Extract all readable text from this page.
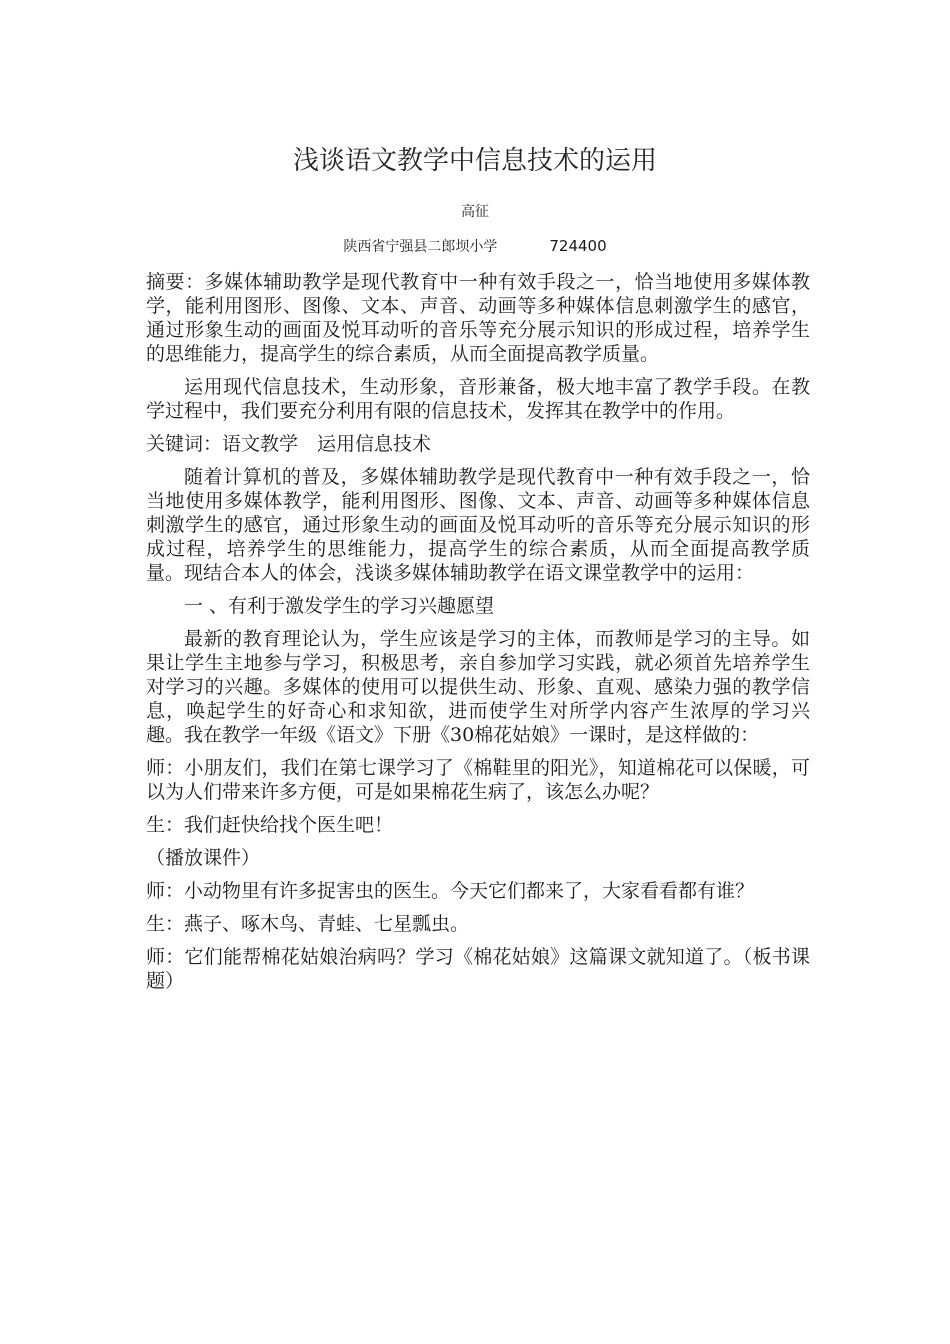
浅谈语文教学中信息技术的运用
高征
陕西省宁强县二郎坝小学	724400

摘要：多媒体辅助教学是现代教育中一种有效手段之一，恰当地使用多媒体教学，能利用图形、图像、文本、声音、动画等多种媒体信息刺激学生的感官，通过形象生动的画面及悦耳动听的音乐等充分展示知识的形成过程，培养学生的思维能力，提高学生的综合素质，从而全面提高教学质量。

运用现代信息技术，生动形象，音形兼备，极大地丰富了教学手段。在教学过程中，我们要充分利用有限的信息技术，发挥其在教学中的作用。

关键词：语文教学　运用信息技术

随着计算机的普及，多媒体辅助教学是现代教育中一种有效手段之一，恰当地使用多媒体教学，能利用图形、图像、文本、声音、动画等多种媒体信息刺激学生的感官，通过形象生动的画面及悦耳动听的音乐等充分展示知识的形成过程，培养学生的思维能力，提高学生的综合素质，从而全面提高教学质量。现结合本人的体会，浅谈多媒体辅助教学在语文课堂教学中的运用：

一 、有利于激发学生的学习兴趣愿望

最新的教育理论认为，学生应该是学习的主体，而教师是学习的主导。如果让学生主地参与学习，积极思考，亲自参加学习实践，就必须首先培养学生对学习的兴趣。多媒体的使用可以提供生动、形象、直观、感染力强的教学信息，唤起学生的好奇心和求知欲，进而使学生对所学内容产生浓厚的学习兴趣。我在教学一年级《语文》下册《30棉花姑娘》一课时，是这样做的：

师：小朋友们，我们在第七课学习了《棉鞋里的阳光》，知道棉花可以保暖，可以为人们带来许多方便，可是如果棉花生病了，该怎么办呢？

生：我们赶快给找个医生吧！

（播放课件）

师：小动物里有许多捉害虫的医生。今天它们都来了，大家看看都有谁？

生：燕子、啄木鸟、青蛙、七星瓢虫。

师：它们能帮棉花姑娘治病吗？学习《棉花姑娘》这篇课文就知道了。（板书课题）
